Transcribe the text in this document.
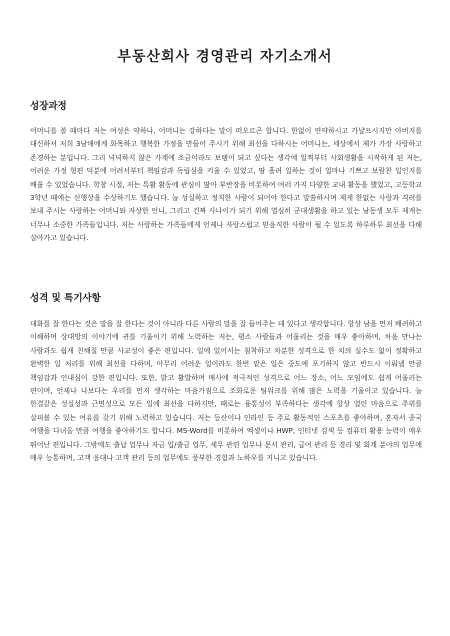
부동산회사 경영관리 자기소개서
성장과정

어머니를 볼 때마다 저는 여성은 약하나, 어머니는 강하다는 말이 떠오르곤 합니다. 한없이 연약하시고 가냘프시지만 아버지를 대신하셔 저희 3남매에게 화목하고 행복한 가정을 만들어 주시기 위해 최선을 다하시는 어머니는, 세상에서 제가 가장 사랑하고 존경하는 분입니다. 그리 넉넉하지 않은 가계에 조금이라도 보탬이 되고 싶다는 생각에 일찍부터 사회생활을 시작하게 된 저는, 어려운 가정 형편 덕분에 어려서부터 책임감과 독립심을 키울 수 있었고, 땀 흘려 일하는 것이 얼마나 기쁘고 보람찬 일인지를 배울 수 있었습니다. 학창 시절, 저는 특활 활동에 관심이 많아 부반장을 비롯하여 여러 가지 다양한 교내 활동을 했었고, 고등학교 3학년 때에는 선행상을 수상하기도 했습니다. 늘 성실하고 정직한 사람이 되어야 한다고 말씀하시며 제게 한없는 사랑과 격려를 보내 주시는 사랑하는 어머니와 자상한 언니, 그리고 건짜 사나이가 되기 위해 열심히 군대생활을 하고 있는 남동생 모두 제게는 너무나 소중한 가족들입니다. 저는 사랑하는 가족들에게 언제나 자랑스럽고 믿음직한 사람이 될 수 있도록 하루하루 최선을 다해 살아가고 있습니다.

성격 및 특기사항

대화를 잘 한다는 것은 말을 잘 한다는 것이 아니라 다른 사람의 말을 잘 들어주는 데 있다고 생각합니다. 항상 남을 먼저 배려하고 이해하며 상대방의 이야기에 귀를 기울이기 위해 노력하는 저는, 평소 사람들과 어울리는 것을 매우 좋아하며, 처음 만나는 사람과도 쉽게 친해질 만큼 사교성이 좋은 편입니다. 일에 있어서는 침착하고 차분한 성격으로 한 치의 실수도 없이 정확하고 완벽한 일 처리를 위해 최선을 다하며, 아무리 어려운 일이라도 한번 맡은 일은 중도에 포기하지 않고 반드시 이뤄낼 만큼 책임감과 인내심이 강한 편입니다. 또한, 밝고 활발하며 매사에 적극적인 성격으로 어느 장소, 어느 모임에도 쉽게 어울리는 편이며, 언제나 나보다는 우리를 먼저 생각하는 마음가짐으로 조화로운 팀워크를 위해 많은 노력을 기울이고 있습니다. 늘 한결같은 성실성과 근면성으로 모든 일에 최선을 다하지만, 때로는 융통성이 부족하다는 생각에 항상 열린 마음으로 주위를 살피볼 수 있는 여유를 갖기 위해 노력하고 있습니다. 저는 등산이나 인라인 등 주로 활동적인 스포츠를 좋아하며, 혼자서 종국 여행을 다녀올 만큼 여행을 좋아하기도 합니다. MS-Word를 비롯하여 엑셀이나 HWP, 인터넷 검색 등 컴퓨터 활용 능력이 매우 뛰어난 편입니다. 그밖에도 출납 업무나 자금 입/출금 업무, 세무 관련 업무나 문서 관리, 급여 관리 등 경리 및 회계 분야의 업무에 매우 능통하며, 고객 응대나 고객 관리 등의 업무에도 풍부한 경험과 노하우를 지니고 있습니다.
